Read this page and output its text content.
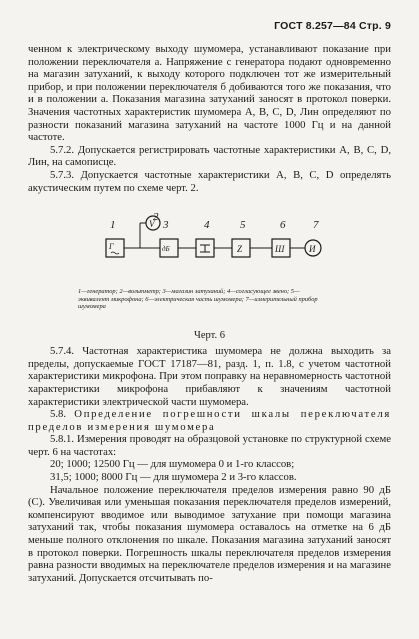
ГОСТ 8.257—84 Стр. 9

ченном к электрическому выходу шумомера, устанавливают показание при положении переключателя а. Напряжение с генератора подают одновременно на магазин затуханий, к выходу которого подключен тот же измерительный прибор, и при положении переключателя б добиваются того же показания, что и в положении а. Показания магазина затуханий заносят в протокол поверки. Значения частотных характеристик шумомера А, В, С, D, Лин определяют по разности показаний магазина затуханий на частоте 1000 Гц и на данной частоте.

5.7.2. Допускается регистрировать частотные характеристики А, В, С, D, Лин, на самописце.

5.7.3. Допускается частотные характеристики А, В, С, D определять акустическим путем по схеме черт. 2.

1
2
3	4	5	6	7
Г
V
дБ	Z	Ш	И
1—генератор; 2—вольтметр; 3—магазин затуханий; 4—согласующее звено; 5—эквивалент микрофона; 6—электрическая часть шумомера; 7—измерительный прибор шумомера
Черт. 6

5.7.4. Частотная характеристика шумомера не должна выходить за пределы, допускаемые ГОСТ 17187—81, разд. 1, п. 1.8, с учетом частотной характеристики микрофона. При этом поправку на неравномерность частотной характеристики микрофона прибавляют к значениям частотной характеристики электрической части шумомера.

5.8. Определение погрешности шкалы переключателя пределов измерения шумомера

5.8.1. Измерения проводят на образцовой установке по структурной схеме черт. 6 на частотах:

20; 1000; 12500 Гц — для шумомера 0 и 1-го классов;

31,5; 1000; 8000 Гц — для шумомера 2 и 3-го классов.

Начальное положение переключателя пределов измерения равно 90 дБ (С). Увеличивая или уменьшая показания переключателя пределов измерений, компенсируют вводимое или выводимое затухание при помощи магазина затуханий так, чтобы показания шумомера оставалось на отметке на 6 дБ меньше полного отклонения по шкале. Показания магазина затуханий заносят в протокол поверки. Погрешность шкалы переключателя пределов измерения равна разности вводимых на переключателе пределов измерения и на магазине затуханий. Допускается отсчитывать по-
